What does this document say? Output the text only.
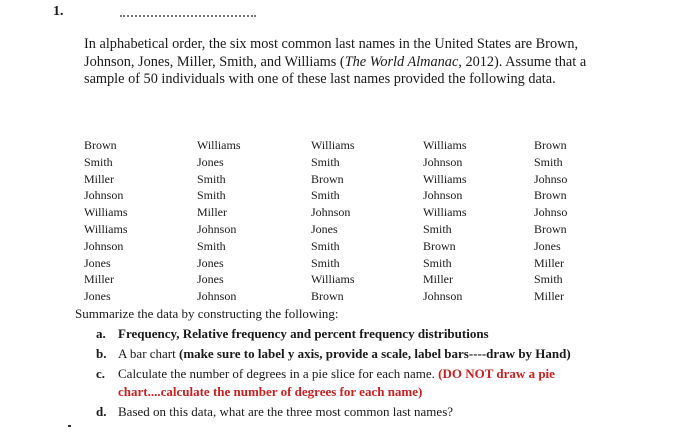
1.

In alphabetical order, the six most common last names in the United States are Brown,

Johnson, Jones, Miller, Smith, and Williams (The World Almanac, 2012). Assume that a

sample of 50 individuals with one of these last names provided the following data.

Brown
Smith
Miller
Johnson
Williams
Williams
Johnson
Jones
Miller
Jones
Williams
Jones
Smith
Smith
Miller
Johnson
Smith
Jones
Jones
Johnson
Williams
Smith
Brown
Smith
Johnson
Jones
Smith
Smith
Williams
Brown
Williams
Johnson
Williams
Johnson
Williams
Smith
Brown
Smith
Miller
Johnson
Brown
Smith
Johnso
Brown
Johnso
Brown
Jones
Miller
Smith
Miller
Summarize the data by constructing the following:
a. Frequency, Relative frequency and percent frequency distributions
b. A bar chart (make sure to label y axis, provide a scale, label bars----draw by Hand)
c. Calculate the number of degrees in a pie slice for each name. (DO NOT draw a pie
chart....calculate the number of degrees for each name)
d. Based on this data, what are the three most common last names?
